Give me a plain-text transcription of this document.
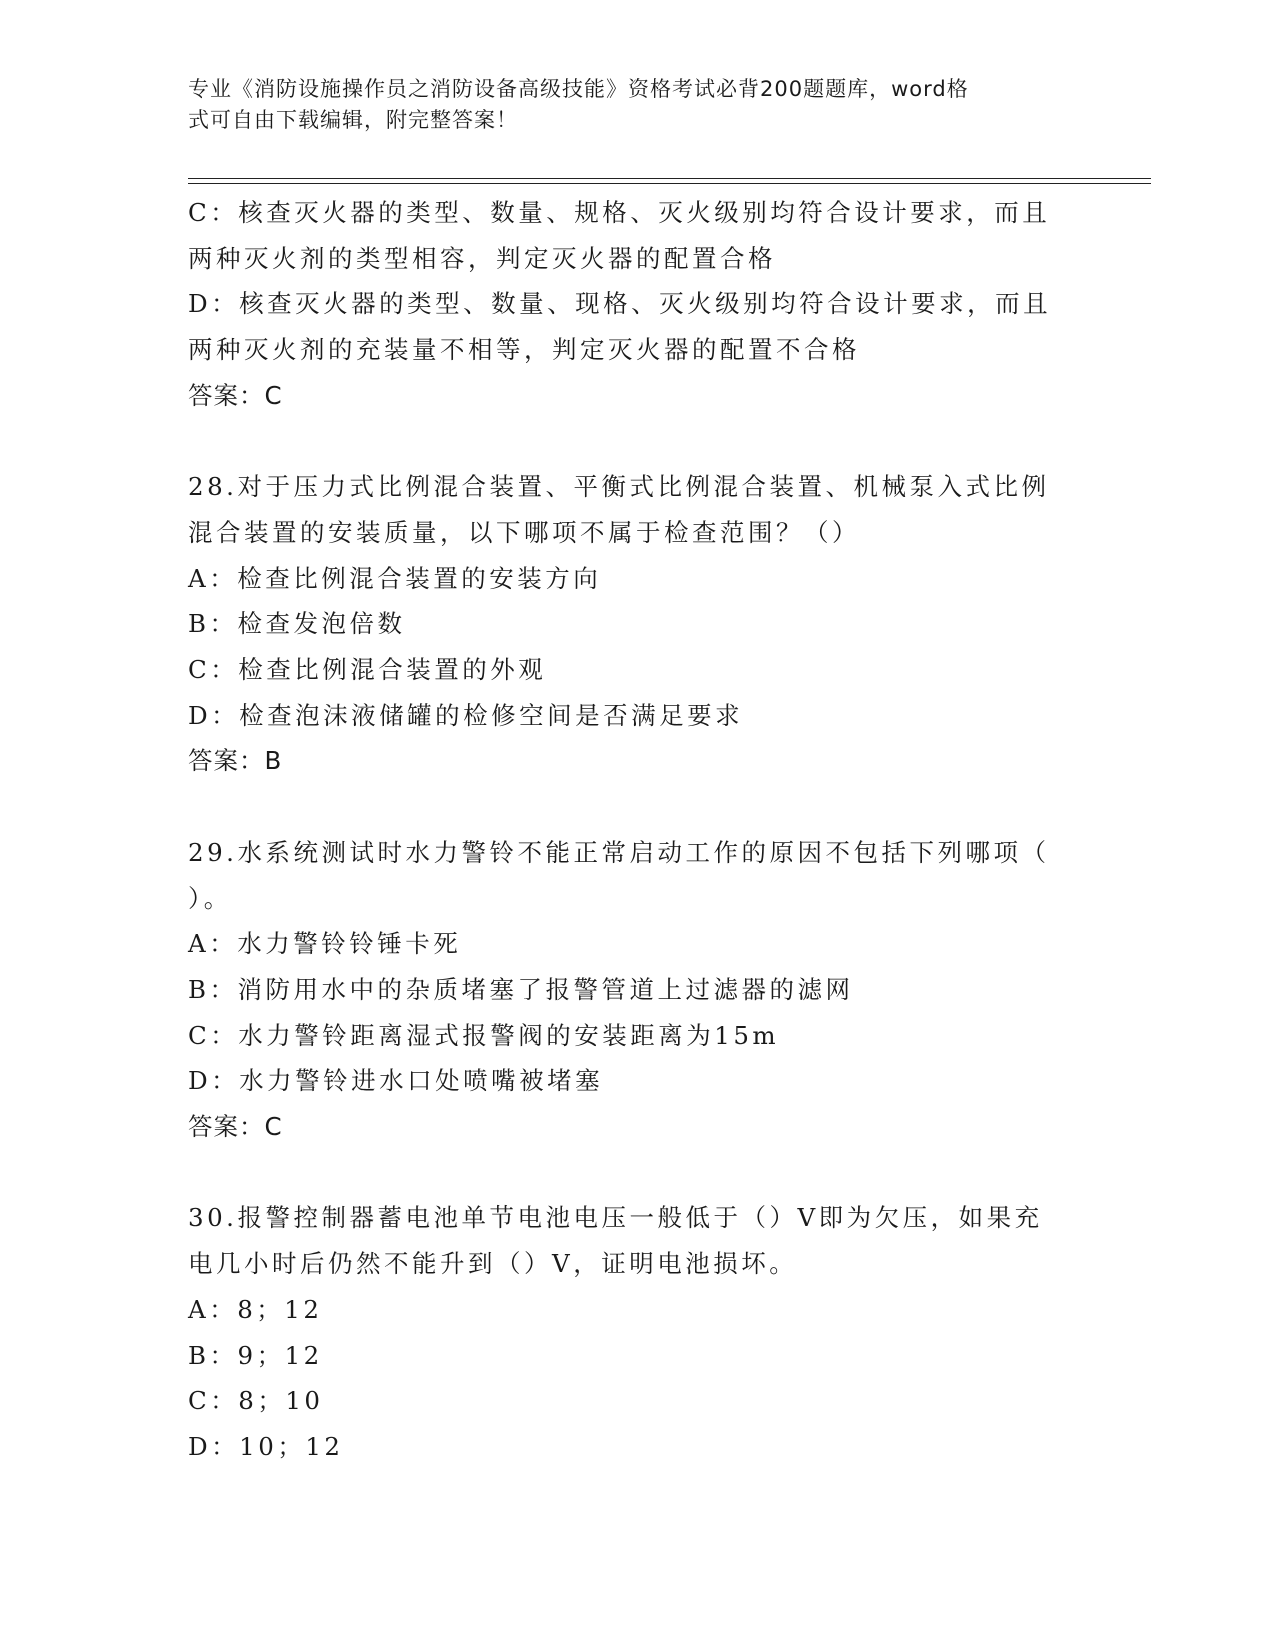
专业《消防设施操作员之消防设备高级技能》资格考试必背200题题库，word格
式可自由下载编辑，附完整答案！
C：核查灭火器的类型、数量、规格、灭火级别均符合设计要求，而且
两种灭火剂的类型相容，判定灭火器的配置合格
D：核查灭火器的类型、数量、现格、灭火级别均符合设计要求，而且
两种灭火剂的充装量不相等，判定灭火器的配置不合格
答案：C
28.对于压力式比例混合装置、平衡式比例混合装置、机械泵入式比例
混合装置的安装质量，以下哪项不属于检查范围？（）
A：检查比例混合装置的安装方向
B：检查发泡倍数
C：检查比例混合装置的外观
D：检查泡沫液储罐的检修空间是否满足要求
答案：B
29.水系统测试时水力警铃不能正常启动工作的原因不包括下列哪项（
）。
A：水力警铃铃锤卡死
B：消防用水中的杂质堵塞了报警管道上过滤器的滤网
C：水力警铃距离湿式报警阀的安装距离为15m
D：水力警铃进水口处喷嘴被堵塞
答案：C
30.报警控制器蓄电池单节电池电压一般低于（）V即为欠压，如果充
电几小时后仍然不能升到（）V，证明电池损坏。
A：8；12
B：9；12
C：8；10
D：10；12
